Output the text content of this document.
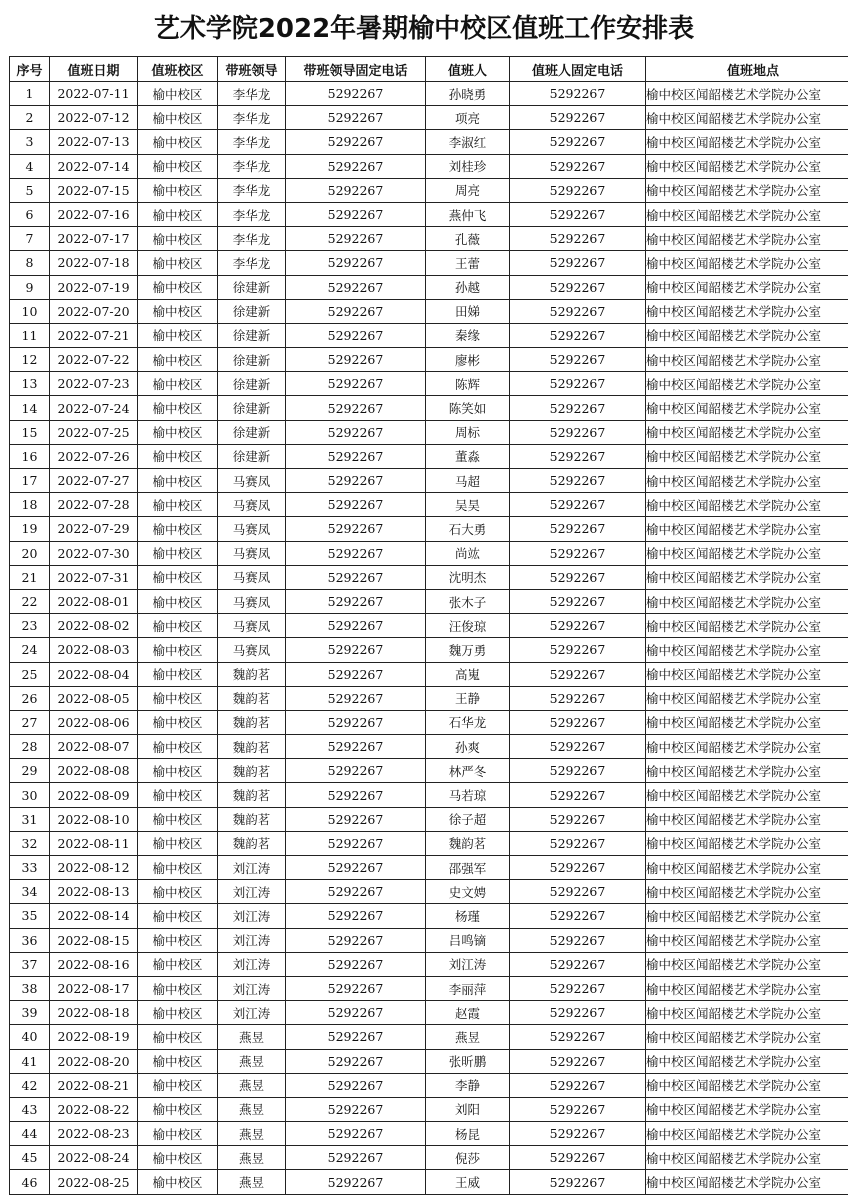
艺术学院2022年暑期榆中校区值班工作安排表
序号	值班日期	值班校区	带班领导	带班领导固定电话	值班人	值班人固定电话	值班地点
1	2022-07-11	榆中校区	李华龙	5292267	孙晓勇	5292267	榆中校区闻韶楼艺术学院办公室
2	2022-07-12	榆中校区	李华龙	5292267	项亮	5292267	榆中校区闻韶楼艺术学院办公室
3	2022-07-13	榆中校区	李华龙	5292267	李淑红	5292267	榆中校区闻韶楼艺术学院办公室
4	2022-07-14	榆中校区	李华龙	5292267	刘桂珍	5292267	榆中校区闻韶楼艺术学院办公室
5	2022-07-15	榆中校区	李华龙	5292267	周亮	5292267	榆中校区闻韶楼艺术学院办公室
6	2022-07-16	榆中校区	李华龙	5292267	燕仲飞	5292267	榆中校区闻韶楼艺术学院办公室
7	2022-07-17	榆中校区	李华龙	5292267	孔薇	5292267	榆中校区闻韶楼艺术学院办公室
8	2022-07-18	榆中校区	李华龙	5292267	王蕾	5292267	榆中校区闻韶楼艺术学院办公室
9	2022-07-19	榆中校区	徐建新	5292267	孙越	5292267	榆中校区闻韶楼艺术学院办公室
10	2022-07-20	榆中校区	徐建新	5292267	田娣	5292267	榆中校区闻韶楼艺术学院办公室
11	2022-07-21	榆中校区	徐建新	5292267	秦缘	5292267	榆中校区闻韶楼艺术学院办公室
12	2022-07-22	榆中校区	徐建新	5292267	廖彬	5292267	榆中校区闻韶楼艺术学院办公室
13	2022-07-23	榆中校区	徐建新	5292267	陈辉	5292267	榆中校区闻韶楼艺术学院办公室
14	2022-07-24	榆中校区	徐建新	5292267	陈笑如	5292267	榆中校区闻韶楼艺术学院办公室
15	2022-07-25	榆中校区	徐建新	5292267	周标	5292267	榆中校区闻韶楼艺术学院办公室
16	2022-07-26	榆中校区	徐建新	5292267	董淼	5292267	榆中校区闻韶楼艺术学院办公室
17	2022-07-27	榆中校区	马赛凤	5292267	马超	5292267	榆中校区闻韶楼艺术学院办公室
18	2022-07-28	榆中校区	马赛凤	5292267	吴昊	5292267	榆中校区闻韶楼艺术学院办公室
19	2022-07-29	榆中校区	马赛凤	5292267	石大勇	5292267	榆中校区闻韶楼艺术学院办公室
20	2022-07-30	榆中校区	马赛凤	5292267	尚竑	5292267	榆中校区闻韶楼艺术学院办公室
21	2022-07-31	榆中校区	马赛凤	5292267	沈明杰	5292267	榆中校区闻韶楼艺术学院办公室
22	2022-08-01	榆中校区	马赛凤	5292267	张木子	5292267	榆中校区闻韶楼艺术学院办公室
23	2022-08-02	榆中校区	马赛凤	5292267	汪俊琼	5292267	榆中校区闻韶楼艺术学院办公室
24	2022-08-03	榆中校区	马赛凤	5292267	魏万勇	5292267	榆中校区闻韶楼艺术学院办公室
25	2022-08-04	榆中校区	魏韵茗	5292267	高嵬	5292267	榆中校区闻韶楼艺术学院办公室
26	2022-08-05	榆中校区	魏韵茗	5292267	王静	5292267	榆中校区闻韶楼艺术学院办公室
27	2022-08-06	榆中校区	魏韵茗	5292267	石华龙	5292267	榆中校区闻韶楼艺术学院办公室
28	2022-08-07	榆中校区	魏韵茗	5292267	孙爽	5292267	榆中校区闻韶楼艺术学院办公室
29	2022-08-08	榆中校区	魏韵茗	5292267	林严冬	5292267	榆中校区闻韶楼艺术学院办公室
30	2022-08-09	榆中校区	魏韵茗	5292267	马若琼	5292267	榆中校区闻韶楼艺术学院办公室
31	2022-08-10	榆中校区	魏韵茗	5292267	徐子超	5292267	榆中校区闻韶楼艺术学院办公室
32	2022-08-11	榆中校区	魏韵茗	5292267	魏韵茗	5292267	榆中校区闻韶楼艺术学院办公室
33	2022-08-12	榆中校区	刘江涛	5292267	邵强军	5292267	榆中校区闻韶楼艺术学院办公室
34	2022-08-13	榆中校区	刘江涛	5292267	史文娉	5292267	榆中校区闻韶楼艺术学院办公室
35	2022-08-14	榆中校区	刘江涛	5292267	杨瑾	5292267	榆中校区闻韶楼艺术学院办公室
36	2022-08-15	榆中校区	刘江涛	5292267	吕鸣镝	5292267	榆中校区闻韶楼艺术学院办公室
37	2022-08-16	榆中校区	刘江涛	5292267	刘江涛	5292267	榆中校区闻韶楼艺术学院办公室
38	2022-08-17	榆中校区	刘江涛	5292267	李丽萍	5292267	榆中校区闻韶楼艺术学院办公室
39	2022-08-18	榆中校区	刘江涛	5292267	赵霞	5292267	榆中校区闻韶楼艺术学院办公室
40	2022-08-19	榆中校区	燕昱	5292267	燕昱	5292267	榆中校区闻韶楼艺术学院办公室
41	2022-08-20	榆中校区	燕昱	5292267	张昕鹏	5292267	榆中校区闻韶楼艺术学院办公室
42	2022-08-21	榆中校区	燕昱	5292267	李静	5292267	榆中校区闻韶楼艺术学院办公室
43	2022-08-22	榆中校区	燕昱	5292267	刘阳	5292267	榆中校区闻韶楼艺术学院办公室
44	2022-08-23	榆中校区	燕昱	5292267	杨昆	5292267	榆中校区闻韶楼艺术学院办公室
45	2022-08-24	榆中校区	燕昱	5292267	倪莎	5292267	榆中校区闻韶楼艺术学院办公室
46	2022-08-25	榆中校区	燕昱	5292267	王威	5292267	榆中校区闻韶楼艺术学院办公室
